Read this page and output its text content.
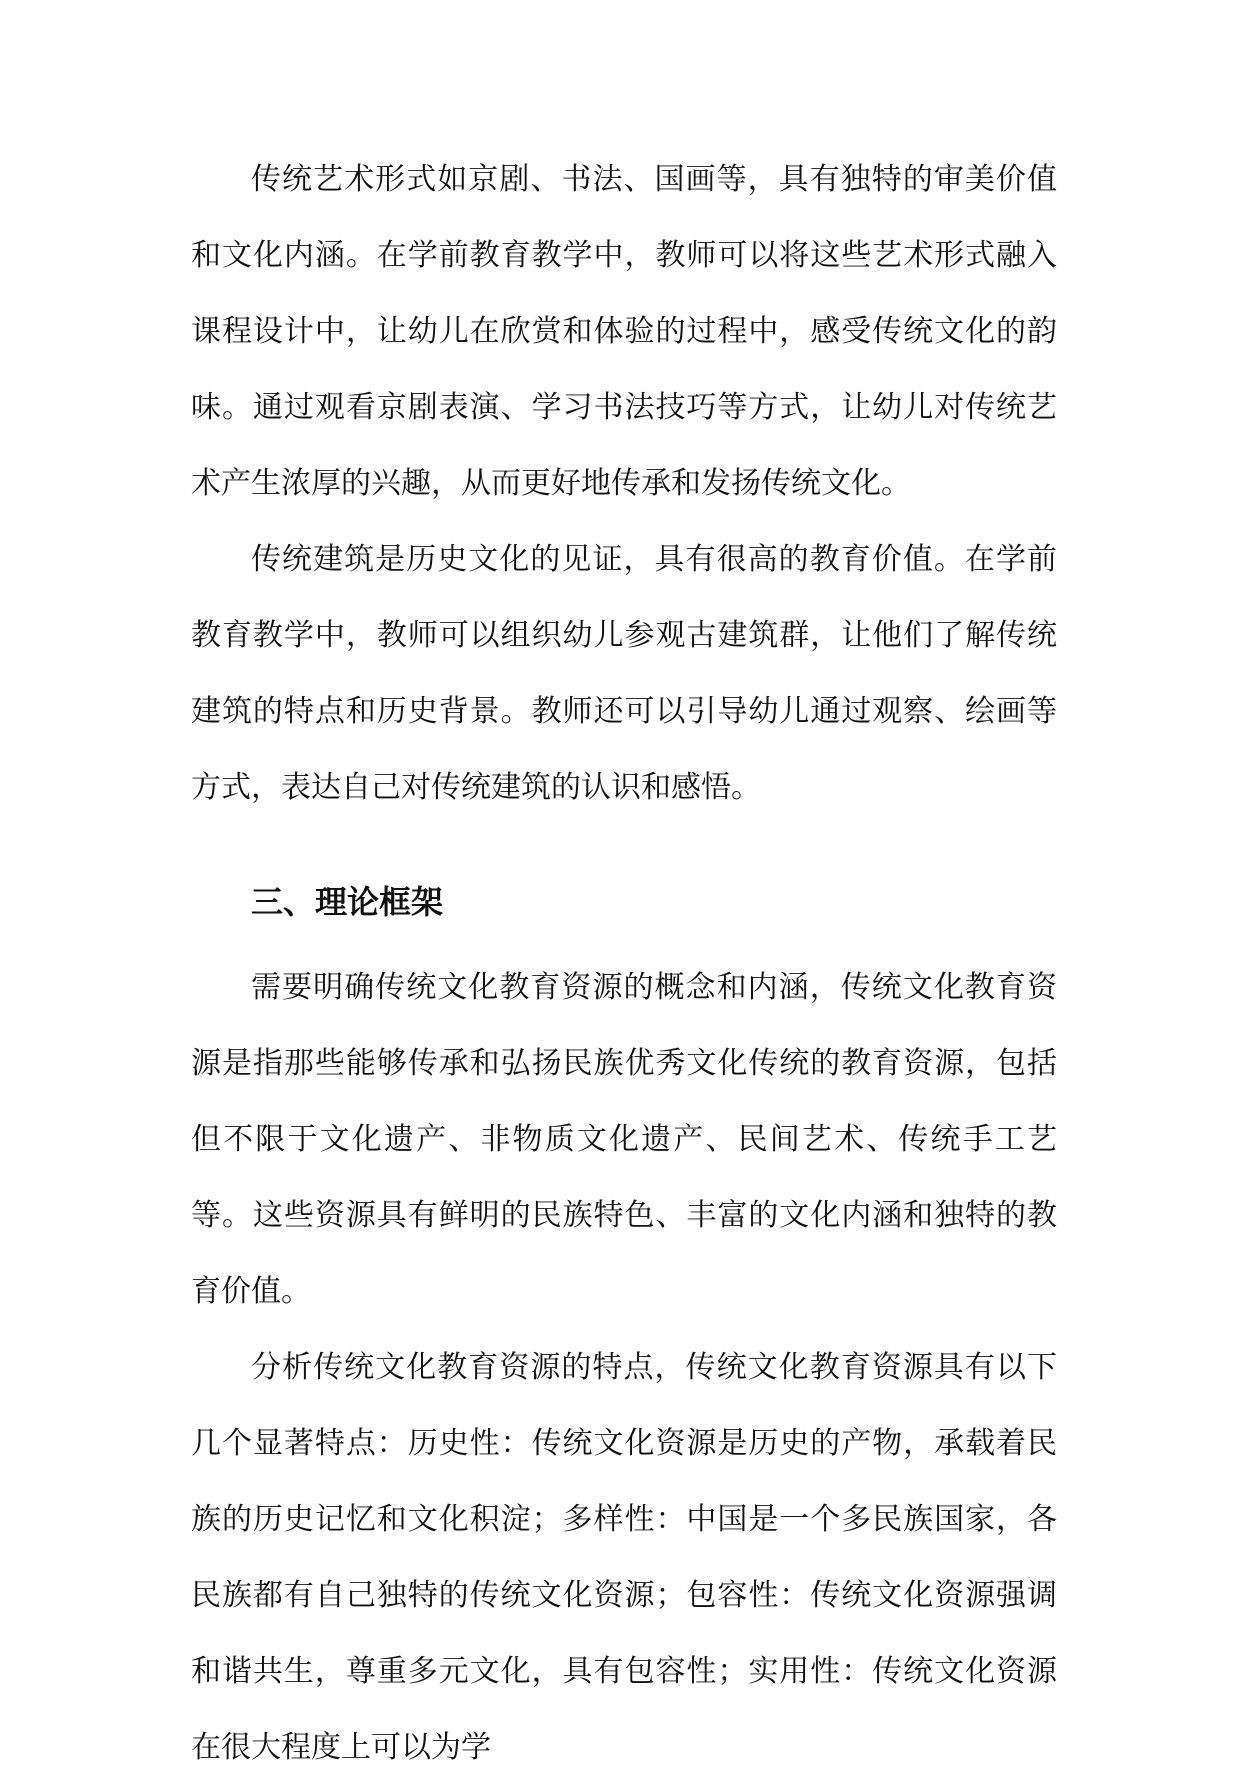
传统艺术形式如京剧、书法、国画等，具有独特的审美价值和文化内涵。在学前教育教学中，教师可以将这些艺术形式融入课程设计中，让幼儿在欣赏和体验的过程中，感受传统文化的韵味。通过观看京剧表演、学习书法技巧等方式，让幼儿对传统艺术产生浓厚的兴趣，从而更好地传承和发扬传统文化。

传统建筑是历史文化的见证，具有很高的教育价值。在学前教育教学中，教师可以组织幼儿参观古建筑群，让他们了解传统建筑的特点和历史背景。教师还可以引导幼儿通过观察、绘画等方式，表达自己对传统建筑的认识和感悟。

三、理论框架

需要明确传统文化教育资源的概念和内涵，传统文化教育资源是指那些能够传承和弘扬民族优秀文化传统的教育资源，包括但不限于文化遗产、非物质文化遗产、民间艺术、传统手工艺等。这些资源具有鲜明的民族特色、丰富的文化内涵和独特的教育价值。

分析传统文化教育资源的特点，传统文化教育资源具有以下几个显著特点：历史性：传统文化资源是历史的产物，承载着民族的历史记忆和文化积淀；多样性：中国是一个多民族国家，各民族都有自己独特的传统文化资源；包容性：传统文化资源强调和谐共生，尊重多元文化，具有包容性；实用性：传统文化资源在很大程度上可以为学
